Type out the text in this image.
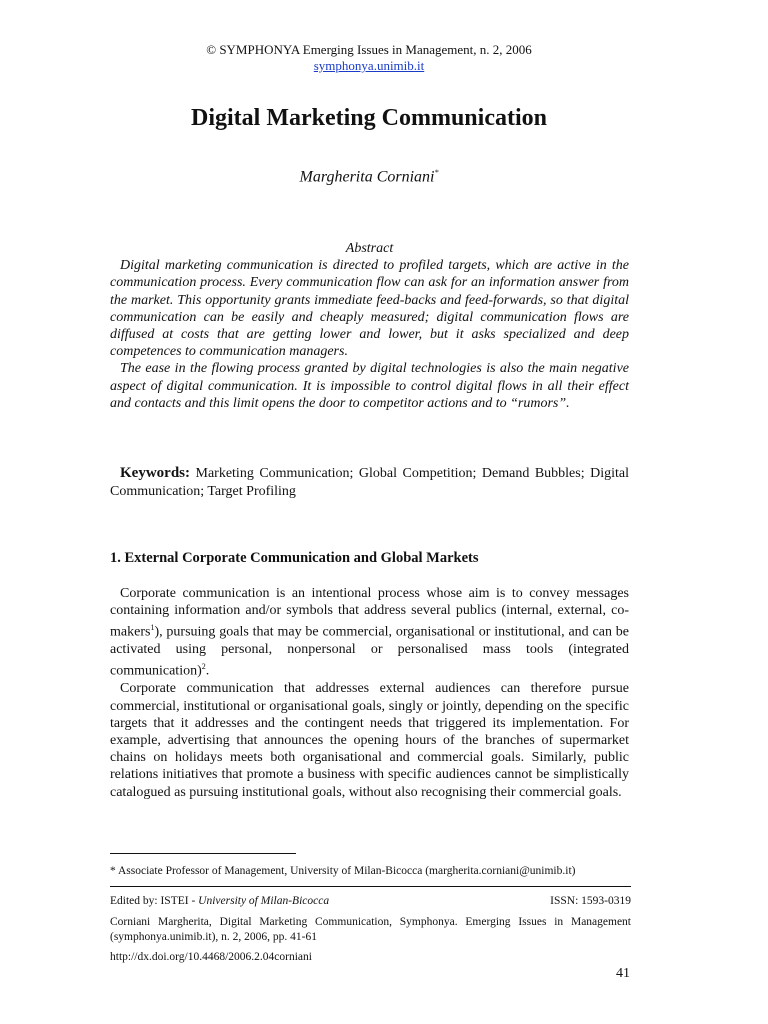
© SYMPHONYA Emerging Issues in Management, n. 2, 2006
symphonya.unimib.it
Digital Marketing Communication
Margherita Corniani*
Abstract

Digital marketing communication is directed to profiled targets, which are active in the communication process. Every communication flow can ask for an information answer from the market. This opportunity grants immediate feed-backs and feed-forwards, so that digital communication can be easily and cheaply measured; digital communication flows are diffused at costs that are getting lower and lower, but it asks specialized and deep competences to communication managers.

The ease in the flowing process granted by digital technologies is also the main negative aspect of digital communication. It is impossible to control digital flows in all their effect and contacts and this limit opens the door to competitor actions and to “rumors”.

Keywords: Marketing Communication; Global Competition; Demand Bubbles; Digital Communication; Target Profiling
1. External Corporate Communication and Global Markets

Corporate communication is an intentional process whose aim is to convey messages containing information and/or symbols that address several publics (internal, external, co-makers$^1$), pursuing goals that may be commercial, organisational or institutional, and can be activated using personal, nonpersonal or personalised mass tools (integrated communication)$^2$.

Corporate communication that addresses external audiences can therefore pursue commercial, institutional or organisational goals, singly or jointly, depending on the specific targets that it addresses and the contingent needs that triggered its implementation. For example, advertising that announces the opening hours of the branches of supermarket chains on holidays meets both organisational and commercial goals. Similarly, public relations initiatives that promote a business with specific audiences cannot be simplistically catalogued as pursuing institutional goals, without also recognising their commercial goals.

* Associate Professor of Management, University of Milan-Bicocca (margherita.corniani@unimib.it)
Edited by: ISTEI - University of Milan-Bicocca	ISSN: 1593-0319
Corniani Margherita, Digital Marketing Communication, Symphonya. Emerging Issues in Management (symphonya.unimib.it), n. 2, 2006, pp. 41-61
http://dx.doi.org/10.4468/2006.2.04corniani
41
